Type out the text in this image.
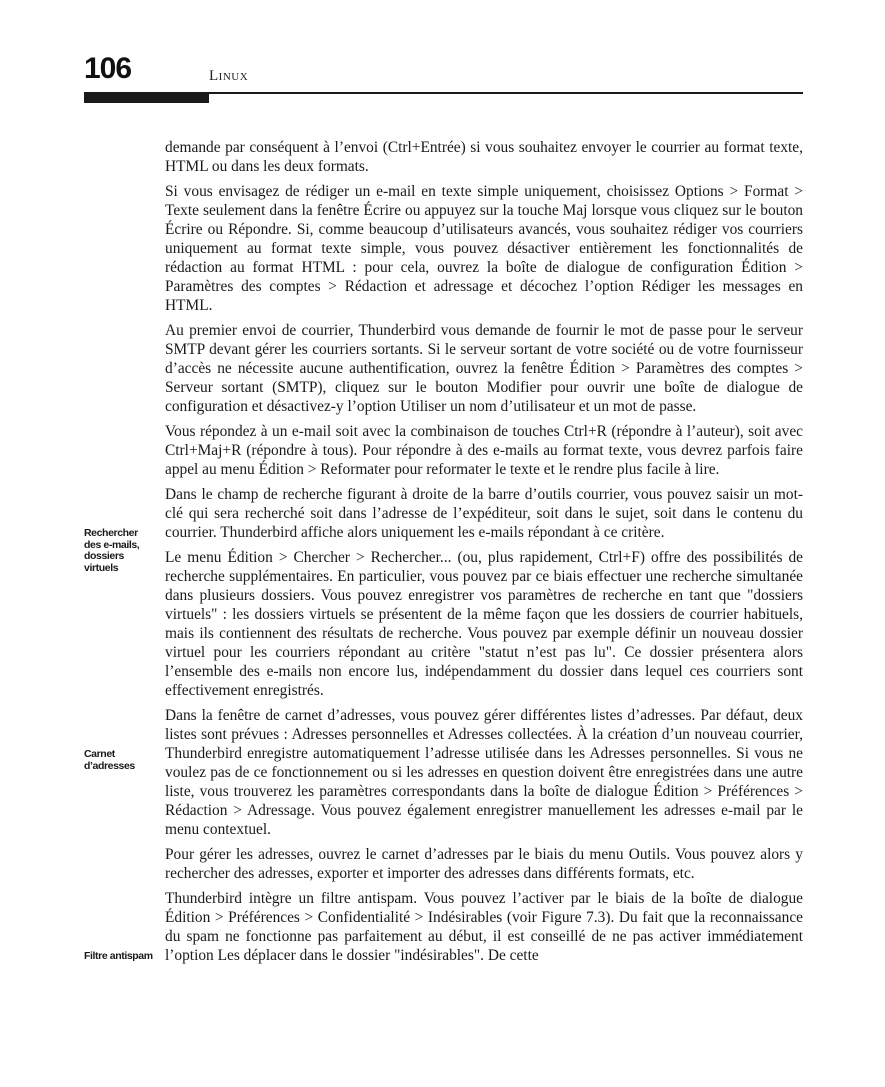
106	Linux
Rechercher des e-mails, dossiers virtuels
Carnet d’adresses
Filtre antispam

demande par conséquent à l’envoi (Ctrl+Entrée) si vous souhaitez envoyer le courrier au format texte, HTML ou dans les deux formats.

Si vous envisagez de rédiger un e-mail en texte simple uniquement, choisissez Options > Format > Texte seulement dans la fenêtre Écrire ou appuyez sur la touche Maj lorsque vous cliquez sur le bouton Écrire ou Répondre. Si, comme beaucoup d’utilisateurs avancés, vous souhaitez rédiger vos courriers uniquement au format texte simple, vous pouvez désactiver entièrement les fonctionnalités de rédaction au format HTML : pour cela, ouvrez la boîte de dialogue de configuration Édition > Paramètres des comptes > Rédaction et adressage et décochez l’option Rédiger les messages en HTML.

Au premier envoi de courrier, Thunderbird vous demande de fournir le mot de passe pour le serveur SMTP devant gérer les courriers sortants. Si le serveur sortant de votre société ou de votre fournisseur d’accès ne nécessite aucune authentification, ouvrez la fenêtre Édition > Paramètres des comptes > Serveur sortant (SMTP), cliquez sur le bouton Modifier pour ouvrir une boîte de dialogue de configuration et désactivez-y l’option Utiliser un nom d’utilisateur et un mot de passe.

Vous répondez à un e-mail soit avec la combinaison de touches Ctrl+R (répondre à l’auteur), soit avec Ctrl+Maj+R (répondre à tous). Pour répondre à des e-mails au format texte, vous devrez parfois faire appel au menu Édition > Reformater pour reformater le texte et le rendre plus facile à lire.

Dans le champ de recherche figurant à droite de la barre d’outils courrier, vous pouvez saisir un mot-clé qui sera recherché soit dans l’adresse de l’expéditeur, soit dans le sujet, soit dans le contenu du courrier. Thunderbird affiche alors uniquement les e-mails répondant à ce critère.

Le menu Édition > Chercher > Rechercher... (ou, plus rapidement, Ctrl+F) offre des possibilités de recherche supplémentaires. En particulier, vous pouvez par ce biais effectuer une recherche simultanée dans plusieurs dossiers. Vous pouvez enregistrer vos paramètres de recherche en tant que "dossiers virtuels" : les dossiers virtuels se présentent de la même façon que les dossiers de courrier habituels, mais ils contiennent des résultats de recherche. Vous pouvez par exemple définir un nouveau dossier virtuel pour les courriers répondant au critère "statut n’est pas lu". Ce dossier présentera alors l’ensemble des e-mails non encore lus, indépendamment du dossier dans lequel ces courriers sont effectivement enregistrés.

Dans la fenêtre de carnet d’adresses, vous pouvez gérer différentes listes d’adresses. Par défaut, deux listes sont prévues : Adresses personnelles et Adresses collectées. À la création d’un nouveau courrier, Thunderbird enregistre automatiquement l’adresse utilisée dans les Adresses personnelles. Si vous ne voulez pas de ce fonctionnement ou si les adresses en question doivent être enregistrées dans une autre liste, vous trouverez les paramètres correspondants dans la boîte de dialogue Édition > Préférences > Rédaction > Adressage. Vous pouvez également enregistrer manuellement les adresses e-mail par le menu contextuel.

Pour gérer les adresses, ouvrez le carnet d’adresses par le biais du menu Outils. Vous pouvez alors y rechercher des adresses, exporter et importer des adresses dans différents formats, etc.

Thunderbird intègre un filtre antispam. Vous pouvez l’activer par le biais de la boîte de dialogue Édition > Préférences > Confidentialité > Indésirables (voir Figure 7.3). Du fait que la reconnaissance du spam ne fonctionne pas parfaitement au début, il est conseillé de ne pas activer immédiatement l’option Les déplacer dans le dossier "indésirables". De cette
